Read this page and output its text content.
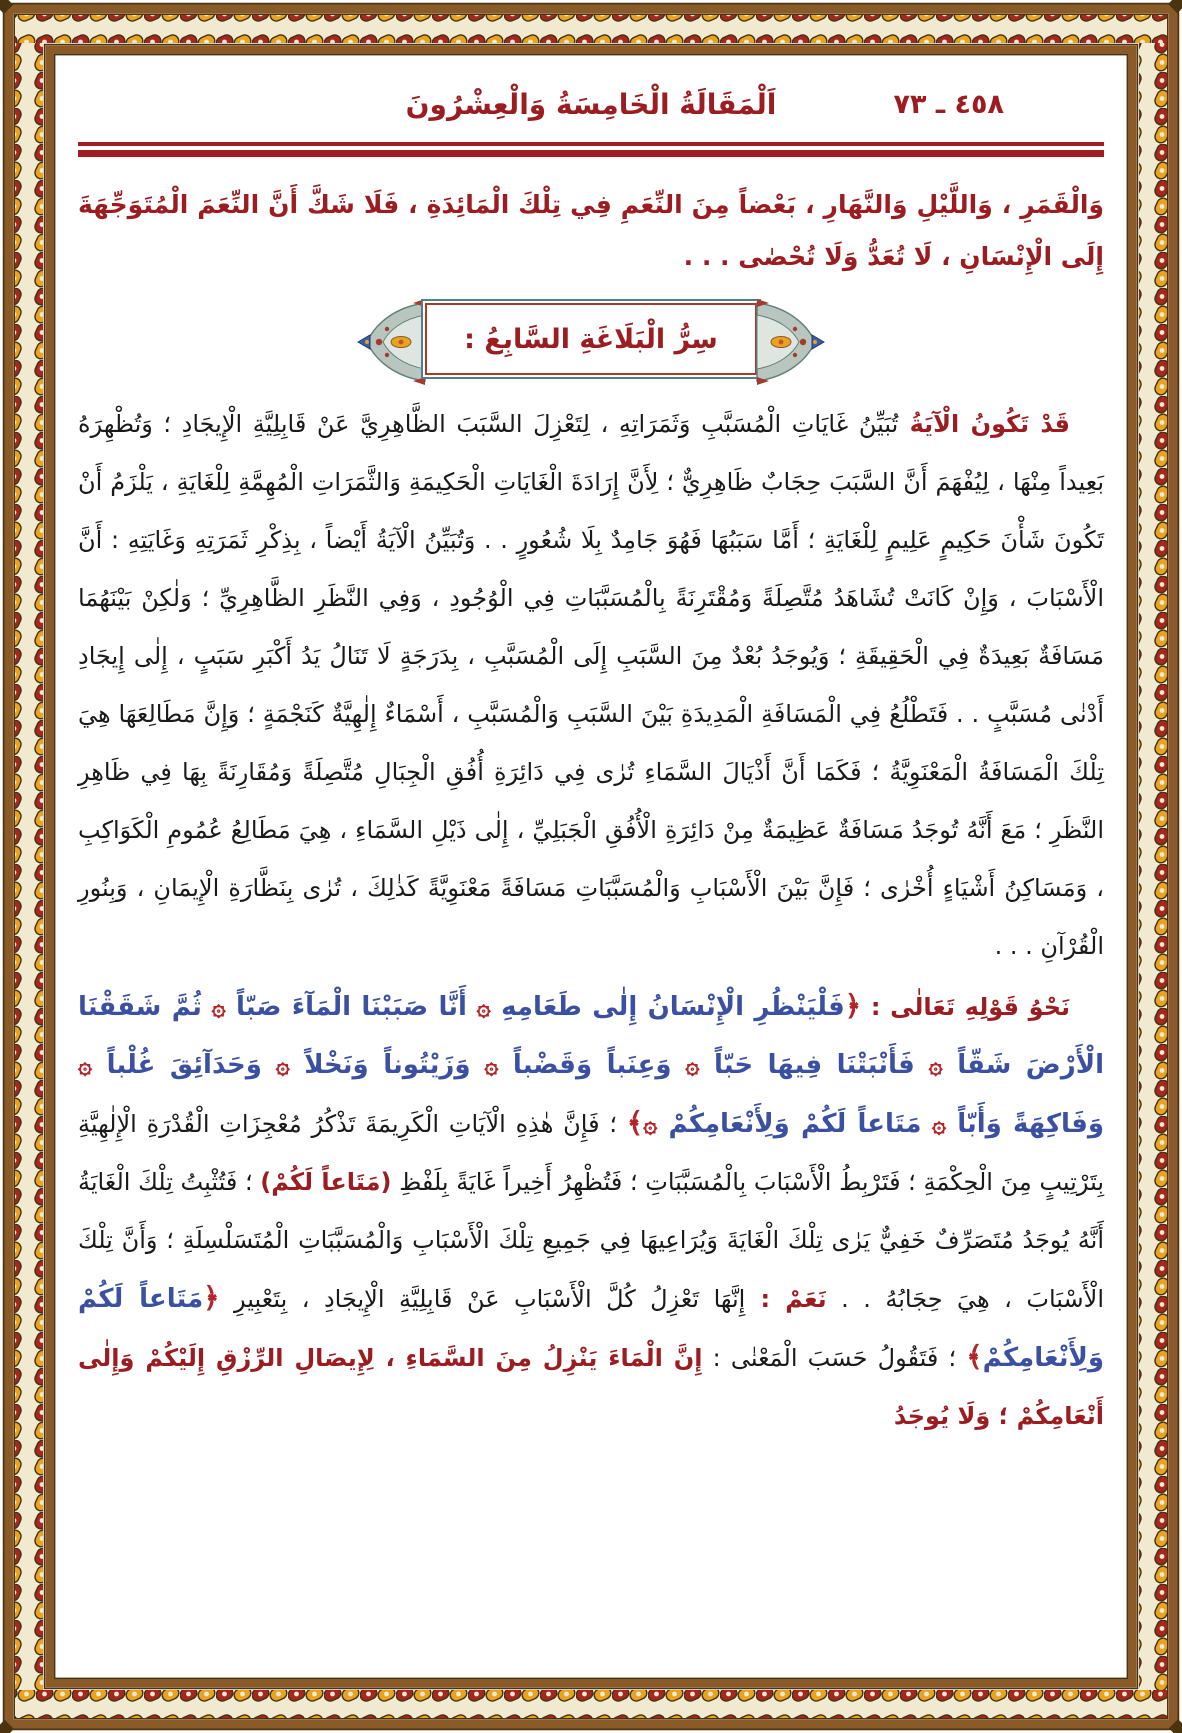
اَلْمَقَالَةُ الْخَامِسَةُ وَالْعِشْرُونَ	٤٥٨ ـ ٧٣

وَالْقَمَرِ ، وَاللَّيْلِ وَالنَّهَارِ ، بَعْضاً مِنَ النِّعَمِ فِي تِلْكَ الْمَائِدَةِ ، فَلَا شَكَّ أَنَّ النِّعَمَ الْمُتَوَجِّهَةَ إِلَى الْإِنْسَانِ ، لَا تُعَدُّ وَلَا تُحْصٰى . . .

سِرُّ الْبَلَاغَةِ السَّابِعُ :

قَدْ تَكُونُ الْآيَةُ تُبَيِّنُ غَايَاتِ الْمُسَبَّبِ وَثَمَرَاتِهِ ، لِتَعْزِلَ السَّبَبَ الظَّاهِرِيَّ عَنْ قَابِلِيَّةِ الْإِيجَادِ ؛ وَتُظْهِرَهُ بَعِيداً مِنْهَا ، لِيُفْهَمَ أَنَّ السَّبَبَ حِجَابٌ ظَاهِرِيٌّ ؛ لِأَنَّ إِرَادَةَ الْغَايَاتِ الْحَكِيمَةِ وَالثَّمَرَاتِ الْمُهِمَّةِ لِلْغَايَةِ ، يَلْزَمُ أَنْ تَكُونَ شَأْنَ حَكِيمٍ عَلِيمٍ لِلْغَايَةِ ؛ أَمَّا سَبَبُهَا فَهُوَ جَامِدٌ بِلَا شُعُورٍ . . وَتُبَيِّنُ الْآيَةُ أَيْضاً ، بِذِكْرِ ثَمَرَتِهِ وَغَايَتِهِ : أَنَّ الْأَسْبَابَ ، وَإِنْ كَانَتْ تُشَاهَدُ مُتَّصِلَةً وَمُقْتَرِنَةً بِالْمُسَبَّبَاتِ فِي الْوُجُودِ ، وَفِي النَّظَرِ الظَّاهِرِيِّ ؛ وَلٰكِنْ بَيْنَهُمَا مَسَافَةٌ بَعِيدَةٌ فِي الْحَقِيقَةِ ؛ وَيُوجَدُ بُعْدٌ مِنَ السَّبَبِ إِلَى الْمُسَبَّبِ ، بِدَرَجَةٍ لَا تَنَالُ يَدُ أَكْبَرِ سَبَبٍ ، إِلٰى إِيجَادِ أَدْنٰى مُسَبَّبٍ . . فَتَطْلُعُ فِي الْمَسَافَةِ الْمَدِيدَةِ بَيْنَ السَّبَبِ وَالْمُسَبَّبِ ، أَسْمَاءٌ إِلٰهِيَّةٌ كَنَجْمَةٍ ؛ وَإِنَّ مَطَالِعَهَا هِيَ تِلْكَ الْمَسَافَةُ الْمَعْنَوِيَّةُ ؛ فَكَمَا أَنَّ أَذْيَالَ السَّمَاءِ تُرٰى فِي دَائِرَةِ أُفُقِ الْجِبَالِ مُتَّصِلَةً وَمُقَارِنَةً بِهَا فِي ظَاهِرِ النَّظَرِ ؛ مَعَ أَنَّهُ تُوجَدُ مَسَافَةٌ عَظِيمَةٌ مِنْ دَائِرَةِ الْأُفُقِ الْجَبَلِيِّ ، إِلٰى ذَيْلِ السَّمَاءِ ، هِيَ مَطَالِعُ عُمُومِ الْكَوَاكِبِ ، وَمَسَاكِنُ أَشْيَاءٍ أُخْرٰى ؛ فَإِنَّ بَيْنَ الْأَسْبَابِ وَالْمُسَبَّبَاتِ مَسَافَةً مَعْنَوِيَّةً كَذٰلِكَ ، تُرٰى بِنَظَّارَةِ الْإِيمَانِ ، وَبِنُورِ الْقُرْآنِ . . .

نَحْوُ قَوْلِهِ تَعَالٰى : ﴿فَلْيَنْظُرِ الْإِنْسَانُ إِلٰى طَعَامِهِ ۞ أَنَّا صَبَبْنَا الْمَآءَ صَبّاً ۞ ثُمَّ شَقَقْنَا الْأَرْضَ شَقّاً ۞ فَأَنْبَتْنَا فِيهَا حَبّاً ۞ وَعِنَباً وَقَضْباً ۞ وَزَيْتُوناً وَنَخْلاً ۞ وَحَدَآئِقَ غُلْباً ۞ وَفَاكِهَةً وَأَبّاً ۞ مَتَاعاً لَكُمْ وَلِأَنْعَامِكُمْ ۞﴾ ؛ فَإِنَّ هٰذِهِ الْآيَاتِ الْكَرِيمَةَ تَذْكُرُ مُعْجِزَاتِ الْقُدْرَةِ الْإِلٰهِيَّةِ بِتَرْتِيبٍ مِنَ الْحِكْمَةِ ؛ فَتَرْبِطُ الْأَسْبَابَ بِالْمُسَبَّبَاتِ ؛ فَتُظْهِرُ أَخِيراً غَايَةً بِلَفْظِ (مَتَاعاً لَكُمْ) ؛ فَتُثْبِتُ تِلْكَ الْغَايَةُ أَنَّهُ يُوجَدُ مُتَصَرِّفٌ خَفِيٌّ يَرٰى تِلْكَ الْغَايَةَ وَيُرَاعِيهَا فِي جَمِيعِ تِلْكَ الْأَسْبَابِ وَالْمُسَبَّبَاتِ الْمُتَسَلْسِلَةِ ؛ وَأَنَّ تِلْكَ الْأَسْبَابَ ، هِيَ حِجَابُهُ . . نَعَمْ : إِنَّهَا تَعْزِلُ كُلَّ الْأَسْبَابِ عَنْ قَابِلِيَّةِ الْإِيجَادِ ، بِتَعْبِيرِ ﴿مَتَاعاً لَكُمْ وَلِأَنْعَامِكُمْ﴾ ؛ فَتَقُولُ حَسَبَ الْمَعْنٰى : إِنَّ الْمَاءَ يَنْزِلُ مِنَ السَّمَاءِ ، لِإِيصَالِ الرِّزْقِ إِلَيْكُمْ وَإِلٰى أَنْعَامِكُمْ ؛ وَلَا يُوجَدُ
